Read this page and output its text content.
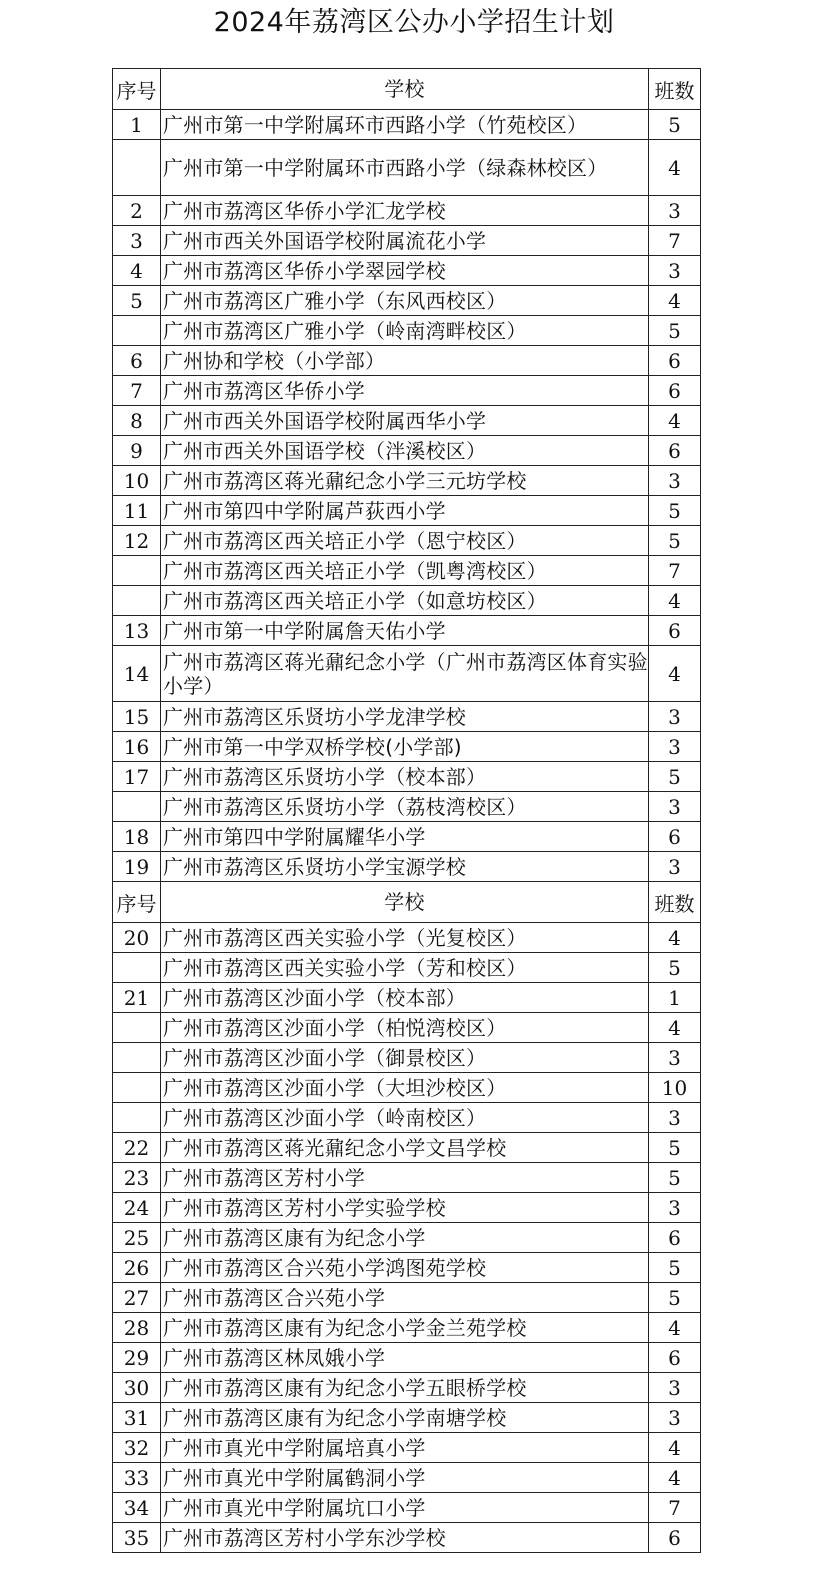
2024年荔湾区公办小学招生计划
序号	学校	班数
1	广州市第一中学附属环市西路小学（竹苑校区）	5
	广州市第一中学附属环市西路小学（绿森林校区）	4
2	广州市荔湾区华侨小学汇龙学校	3
3	广州市西关外国语学校附属流花小学	7
4	广州市荔湾区华侨小学翠园学校	3
5	广州市荔湾区广雅小学（东风西校区）	4
	广州市荔湾区广雅小学（岭南湾畔校区）	5
6	广州协和学校（小学部）	6
7	广州市荔湾区华侨小学	6
8	广州市西关外国语学校附属西华小学	4
9	广州市西关外国语学校（泮溪校区）	6
10	广州市荔湾区蒋光鼐纪念小学三元坊学校	3
11	广州市第四中学附属芦荻西小学	5
12	广州市荔湾区西关培正小学（恩宁校区）	5
	广州市荔湾区西关培正小学（凯粤湾校区）	7
	广州市荔湾区西关培正小学（如意坊校区）	4
13	广州市第一中学附属詹天佑小学	6
14	广州市荔湾区蒋光鼐纪念小学（广州市荔湾区体育实验小学）	4
15	广州市荔湾区乐贤坊小学龙津学校	3
16	广州市第一中学双桥学校(小学部)	3
17	广州市荔湾区乐贤坊小学（校本部）	5
	广州市荔湾区乐贤坊小学（荔枝湾校区）	3
18	广州市第四中学附属耀华小学	6
19	广州市荔湾区乐贤坊小学宝源学校	3
序号	学校	班数
20	广州市荔湾区西关实验小学（光复校区）	4
	广州市荔湾区西关实验小学（芳和校区）	5
21	广州市荔湾区沙面小学（校本部）	1
	广州市荔湾区沙面小学（柏悦湾校区）	4
	广州市荔湾区沙面小学（御景校区）	3
	广州市荔湾区沙面小学（大坦沙校区）	10
	广州市荔湾区沙面小学（岭南校区）	3
22	广州市荔湾区蒋光鼐纪念小学文昌学校	5
23	广州市荔湾区芳村小学	5
24	广州市荔湾区芳村小学实验学校	3
25	广州市荔湾区康有为纪念小学	6
26	广州市荔湾区合兴苑小学鸿图苑学校	5
27	广州市荔湾区合兴苑小学	5
28	广州市荔湾区康有为纪念小学金兰苑学校	4
29	广州市荔湾区林凤娥小学	6
30	广州市荔湾区康有为纪念小学五眼桥学校	3
31	广州市荔湾区康有为纪念小学南塘学校	3
32	广州市真光中学附属培真小学	4
33	广州市真光中学附属鹤洞小学	4
34	广州市真光中学附属坑口小学	7
35	广州市荔湾区芳村小学东沙学校	6
